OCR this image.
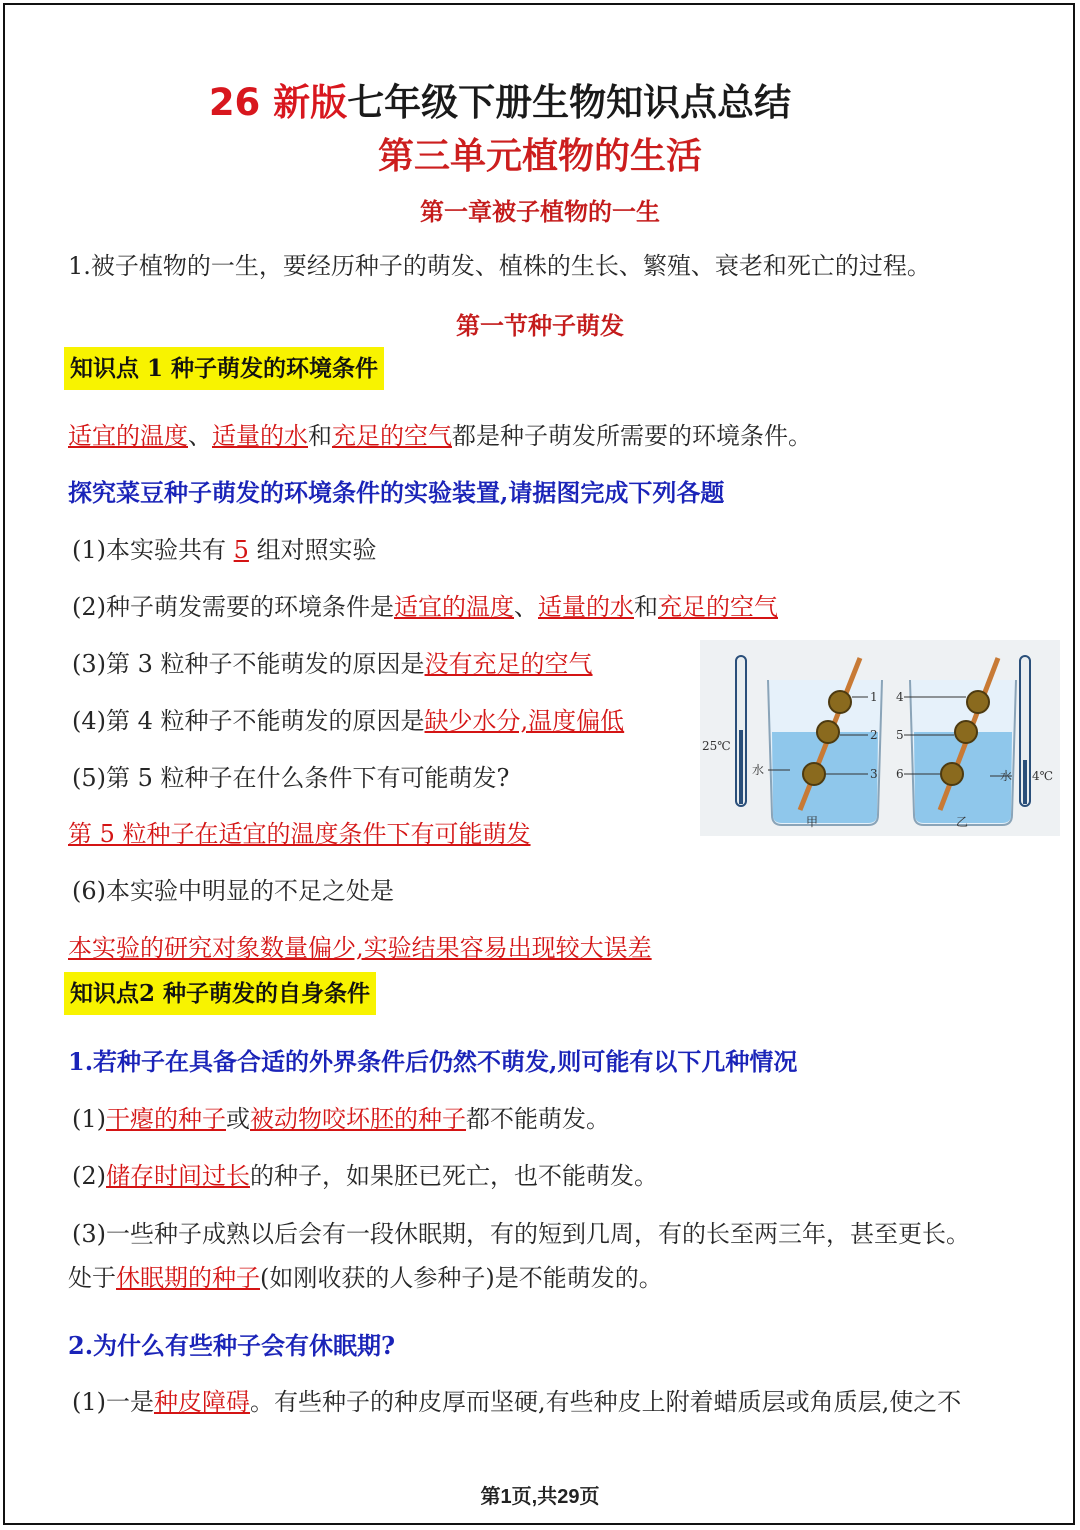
26 新版七年级下册生物知识点总结
第三单元植物的生活
第一章被子植物的一生
1.被子植物的一生，要经历种子的萌发、植株的生长、繁殖、衰老和死亡的过程。
第一节种子萌发
知识点 1 种子萌发的环境条件
适宜的温度、适量的水和充足的空气都是种子萌发所需要的环境条件。
探究菜豆种子萌发的环境条件的实验装置,请据图完成下列各题
(1)本实验共有 5 组对照实验
(2)种子萌发需要的环境条件是适宜的温度、适量的水和充足的空气
(3)第 3 粒种子不能萌发的原因是没有充足的空气
(4)第 4 粒种子不能萌发的原因是缺少水分,温度偏低
(5)第 5 粒种子在什么条件下有可能萌发?
第 5 粒种子在适宜的温度条件下有可能萌发
(6)本实验中明显的不足之处是
本实验的研究对象数量偏少,实验结果容易出现较大误差
25℃
1
2
3
水
甲
4
5
6	水
乙
4℃
知识点2 种子萌发的自身条件
1.若种子在具备合适的外界条件后仍然不萌发,则可能有以下几种情况
(1)干瘪的种子或被动物咬坏胚的种子都不能萌发。
(2)储存时间过长的种子，如果胚已死亡，也不能萌发。
(3)一些种子成熟以后会有一段休眠期，有的短到几周，有的长至两三年，甚至更长。
处于休眠期的种子(如刚收获的人参种子)是不能萌发的。
2.为什么有些种子会有休眠期?
(1)一是种皮障碍。有些种子的种皮厚而坚硬,有些种皮上附着蜡质层或角质层,使之不
第1页,共29页
